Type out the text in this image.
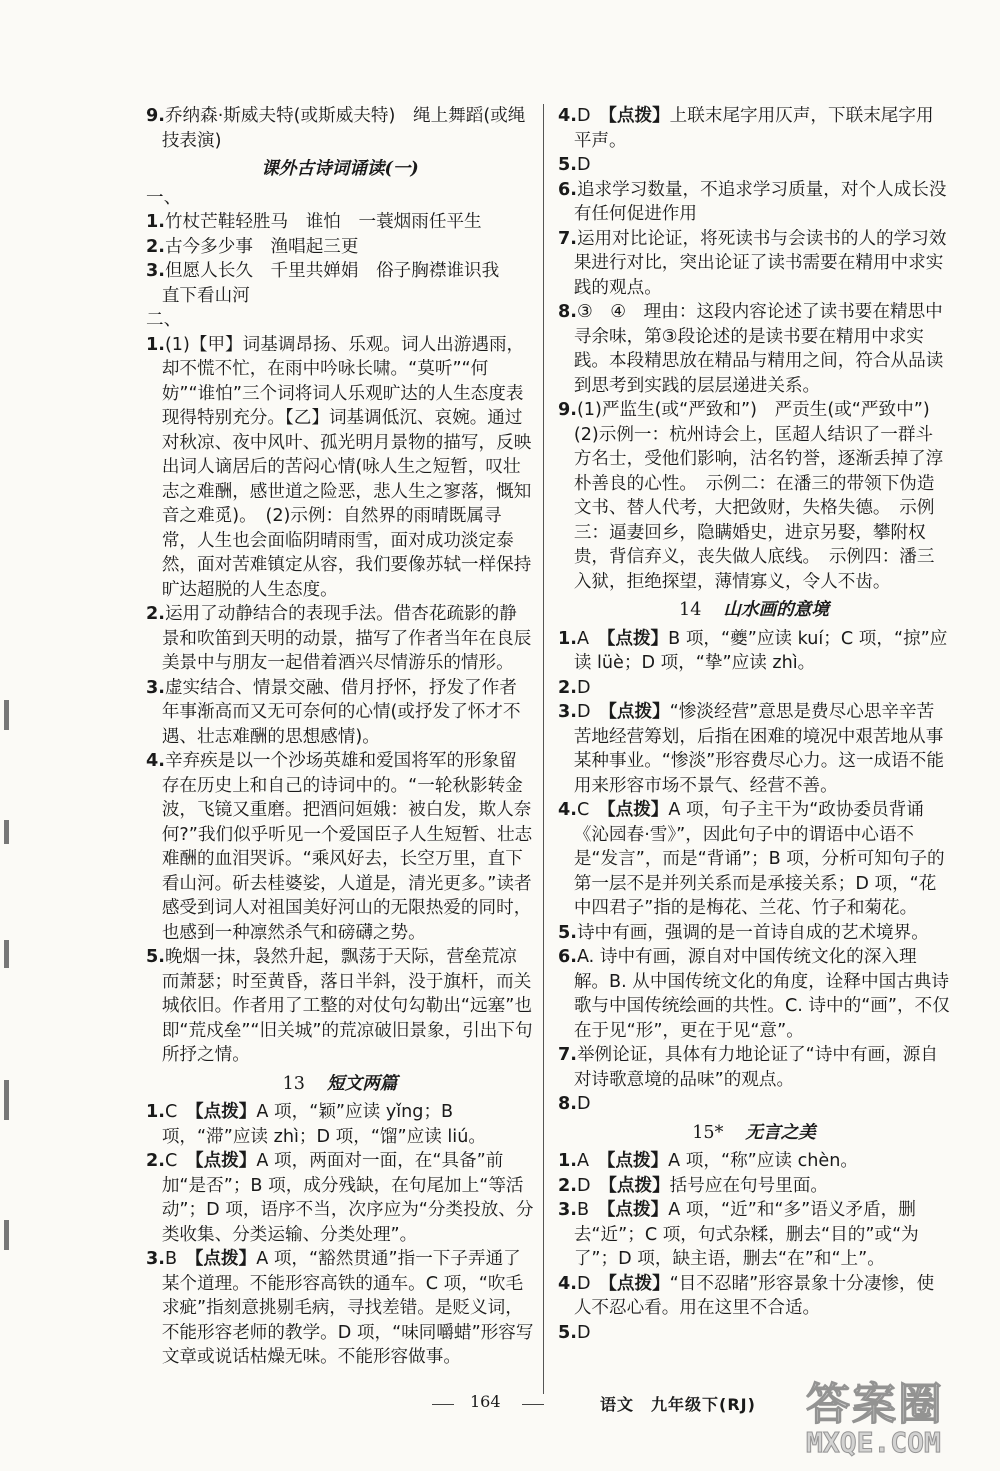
9.乔纳森·斯威夫特(或斯威夫特)　绳上舞蹈(或绳技表演)

课外古诗词诵读(一)

一、

1.竹杖芒鞋轻胜马　谁怕　一蓑烟雨任平生

2.古今多少事　渔唱起三更

3.但愿人长久　千里共婵娟　俗子胸襟谁识我　直下看山河

二、

1.(1)【甲】词基调昂扬、乐观。词人出游遇雨，却不慌不忙，在雨中吟咏长啸。“莫听”“何妨”“谁怕”三个词将词人乐观旷达的人生态度表现得特别充分。【乙】词基调低沉、哀婉。通过对秋凉、夜中风叶、孤光明月景物的描写，反映出词人谪居后的苦闷心情(咏人生之短暂，叹壮志之难酬，感世道之险恶，悲人生之寥落，慨知音之难觅)。　(2)示例：自然界的雨晴既属寻常，人生也会面临阴晴雨雪，面对成功淡定泰然，面对苦难镇定从容，我们要像苏轼一样保持旷达超脱的人生态度。

2.运用了动静结合的表现手法。借杏花疏影的静景和吹笛到天明的动景，描写了作者当年在良辰美景中与朋友一起借着酒兴尽情游乐的情形。

3.虚实结合、情景交融、借月抒怀，抒发了作者年事渐高而又无可奈何的心情(或抒发了怀才不遇、壮志难酬的思想感情)。

4.辛弃疾是以一个沙场英雄和爱国将军的形象留存在历史上和自己的诗词中的。“一轮秋影转金波，飞镜又重磨。把酒问姮娥：被白发，欺人奈何?”我们似乎听见一个爱国臣子人生短暂、壮志难酬的血泪哭诉。“乘风好去，长空万里，直下看山河。斫去桂婆娑，人道是，清光更多。”读者感受到词人对祖国美好河山的无限热爱的同时，也感到一种凛然杀气和磅礴之势。

5.晚烟一抹，袅然升起，飘荡于天际，营垒荒凉而萧瑟；时至黄昏，落日半斜，没于旗杆，而关城依旧。作者用了工整的对仗句勾勒出“远塞”也即“荒戍垒”“旧关城”的荒凉破旧景象，引出下句所抒之情。

13 短文两篇

1.C　【点拨】A 项，“颖”应读 yǐng；B 项，“滞”应读 zhì；D 项，“馏”应读 liú。

2.C　【点拨】A 项，两面对一面，在“具备”前加“是否”；B 项，成分残缺，在句尾加上“等活动”；D 项，语序不当，次序应为“分类投放、分类收集、分类运输、分类处理”。

3.B　【点拨】A 项，“豁然贯通”指一下子弄通了某个道理。不能形容高铁的通车。C 项，“吹毛求疵”指刻意挑剔毛病，寻找差错。是贬义词，不能形容老师的教学。D 项，“味同嚼蜡”形容写文章或说话枯燥无味。不能形容做事。

4.D　【点拨】上联末尾字用仄声，下联末尾字用平声。

5.D

6.追求学习数量，不追求学习质量，对个人成长没有任何促进作用

7.运用对比论证，将死读书与会读书的人的学习效果进行对比，突出论证了读书需要在精用中求实践的观点。

8.③　④　理由：这段内容论述了读书要在精思中寻余味，第③段论述的是读书要在精用中求实践。本段精思放在精品与精用之间，符合从品读到思考到实践的层层递进关系。

9.(1)严监生(或“严致和”)　严贡生(或“严致中”)　(2)示例一：杭州诗会上，匡超人结识了一群斗方名士，受他们影响，沽名钓誉，逐渐丢掉了淳朴善良的心性。　示例二：在潘三的带领下伪造文书、替人代考，大把敛财，失格失德。　示例三：逼妻回乡，隐瞒婚史，进京另娶，攀附权贵，背信弃义，丧失做人底线。　示例四：潘三入狱，拒绝探望，薄情寡义，令人不齿。

14 山水画的意境

1.A　【点拨】B 项，“夔”应读 kuí；C 项，“掠”应读 lüè；D 项，“挚”应读 zhì。

2.D

3.D　【点拨】“惨淡经营”意思是费尽心思辛辛苦苦地经营筹划，后指在困难的境况中艰苦地从事某种事业。“惨淡”形容费尽心力。这一成语不能用来形容市场不景气、经营不善。

4.C　【点拨】A 项，句子主干为“政协委员背诵《沁园春·雪》”，因此句子中的谓语中心语不是“发言”，而是“背诵”；B 项，分析可知句子的第一层不是并列关系而是承接关系；D 项，“花中四君子”指的是梅花、兰花、竹子和菊花。

5.诗中有画，强调的是一首诗自成的艺术境界。

6.A. 诗中有画，源自对中国传统文化的深入理解。B. 从中国传统文化的角度，诠释中国古典诗歌与中国传统绘画的共性。C. 诗中的“画”，不仅在于见“形”，更在于见“意”。

7.举例论证，具体有力地论证了“诗中有画，源自对诗歌意境的品味”的观点。

8.D

15* 无言之美

1.A　【点拨】A 项，“称”应读 chèn。

2.D　【点拨】括号应在句号里面。

3.B　【点拨】A 项，“近”和“多”语义矛盾，删去“近”；C 项，句式杂糅，删去“目的”或“为了”；D 项，缺主语，删去“在”和“上”。

4.D　【点拨】“目不忍睹”形容景象十分凄惨，使人不忍心看。用在这里不合适。

5.D

164	语文　九年级下(RJ) 答案圈
MXQE.COM
